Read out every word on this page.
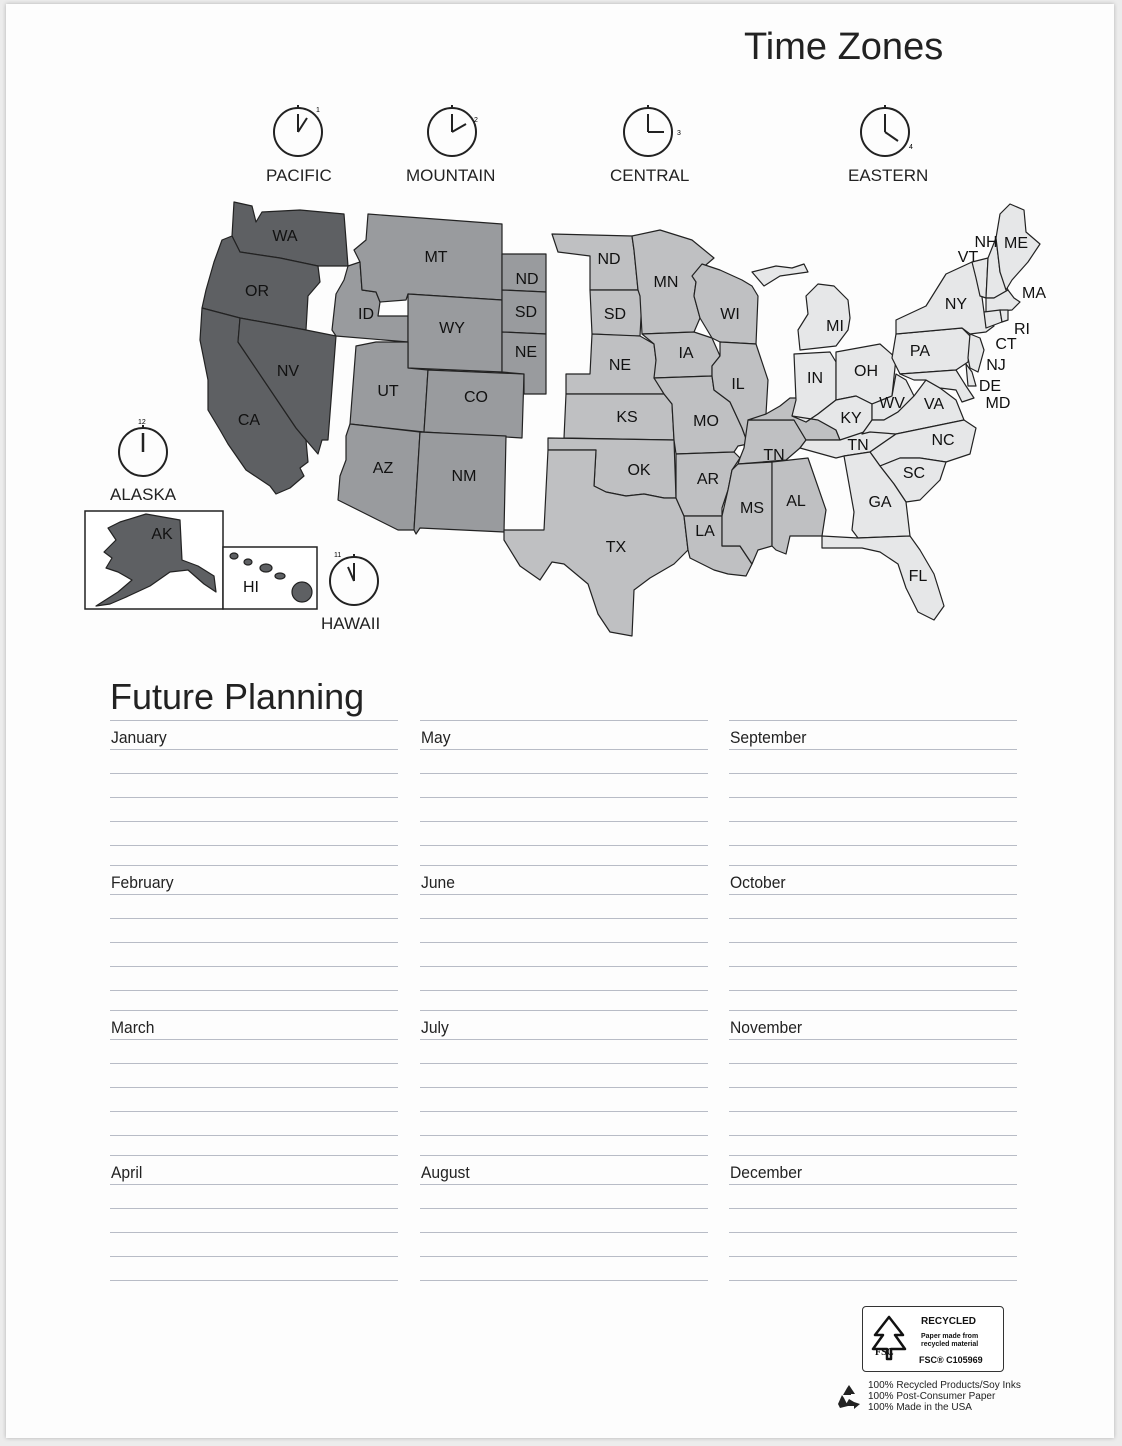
Time Zones
1
2
3
4
12
11
WA
OR
CA
NV
ID
MT
WY
UT	CO
AZ	NM
ND
SD
NE
ND
SD
NE
KS
OK
TX
MN
IA
MO
AR
LA
WI
IL
TN
MS AL
MI
IN OH
KY
WV VA
PA
NY
VT
NH ME
MA
RI
CT
NJ
DE
MD
TN	NC
SC
GA
FL
AK
HI
PACIFIC	MOUNTAIN	CENTRAL	EASTERN
ALASKA
HAWAII
Future Planning
January
February
March
April
May
June
July
August
September
October
November
December
FSC
RECYCLED
Paper made from recycled material
FSC® C105969
100% Recycled Products/Soy Inks
100% Post-Consumer Paper
100% Made in the USA
